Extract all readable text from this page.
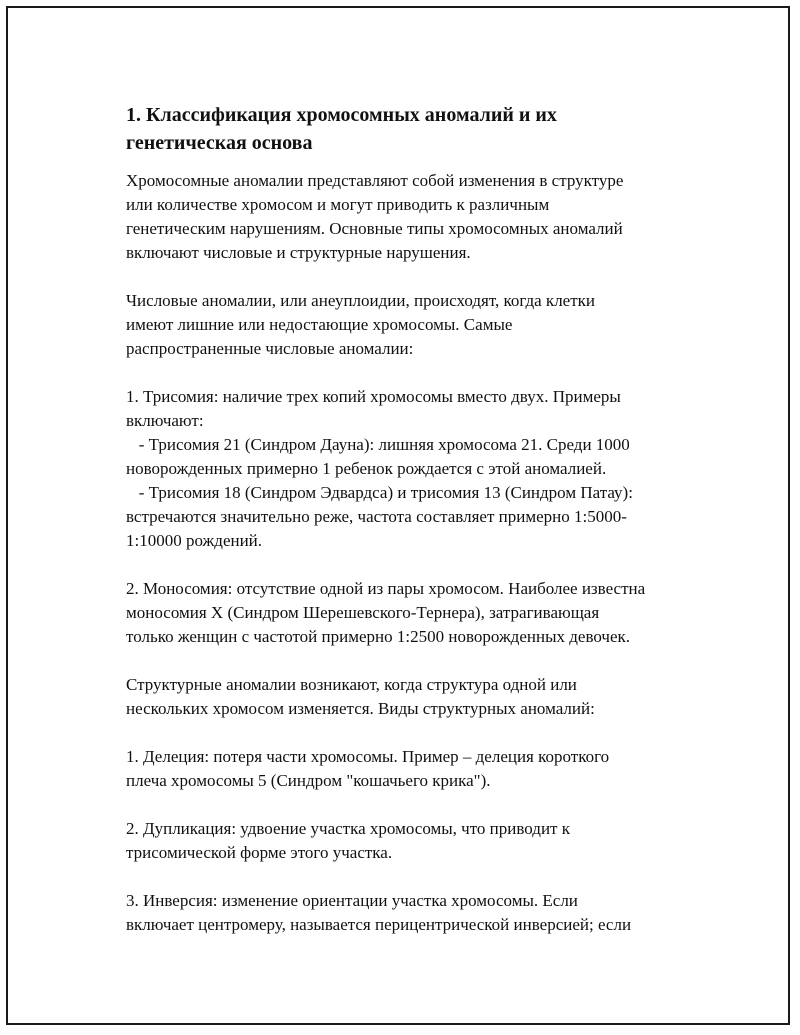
1. Классификация хромосомных аномалий и их
генетическая основа

Хромосомные аномалии представляют собой изменения в структуре
или количестве хромосом и могут приводить к различным
генетическим нарушениям. Основные типы хромосомных аномалий
включают числовые и структурные нарушения.

Числовые аномалии, или анеуплоидии, происходят, когда клетки
имеют лишние или недостающие хромосомы. Самые
распространенные числовые аномалии:

1. Трисомия: наличие трех копий хромосомы вместо двух. Примеры
включают:
- Трисомия 21 (Синдром Дауна): лишняя хромосома 21. Среди 1000
новорожденных примерно 1 ребенок рождается с этой аномалией.
- Трисомия 18 (Синдром Эдвардса) и трисомия 13 (Синдром Патау):
встречаются значительно реже, частота составляет примерно 1:5000-
1:10000 рождений.

2. Моносомия: отсутствие одной из пары хромосом. Наиболее известна
моносомия X (Синдром Шерешевского-Тернера), затрагивающая
только женщин с частотой примерно 1:2500 новорожденных девочек.

Структурные аномалии возникают, когда структура одной или
нескольких хромосом изменяется. Виды структурных аномалий:

1. Делеция: потеря части хромосомы. Пример – делеция короткого
плеча хромосомы 5 (Синдром "кошачьего крика").

2. Дупликация: удвоение участка хромосомы, что приводит к
трисомической форме этого участка.

3. Инверсия: изменение ориентации участка хромосомы. Если
включает центромеру, называется перицентрической инверсией; если
